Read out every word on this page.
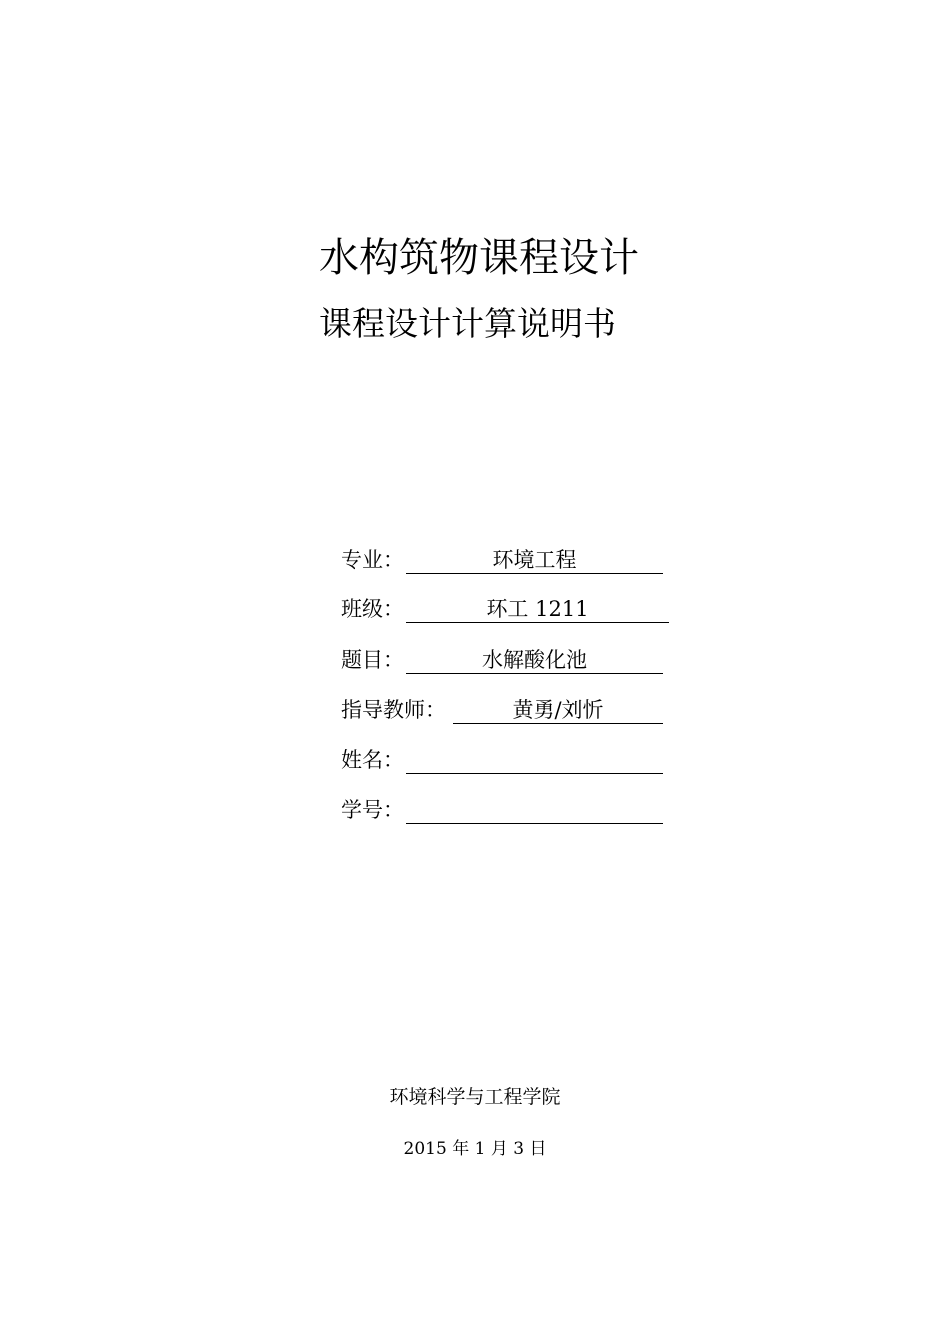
水构筑物课程设计
课程设计计算说明书
专业：	环境工程
班级：	环工 1211
题目：	水解酸化池
指导教师：	黄勇/刘忻
姓名：
学号：
环境科学与工程学院
2015 年 1 月 3 日
